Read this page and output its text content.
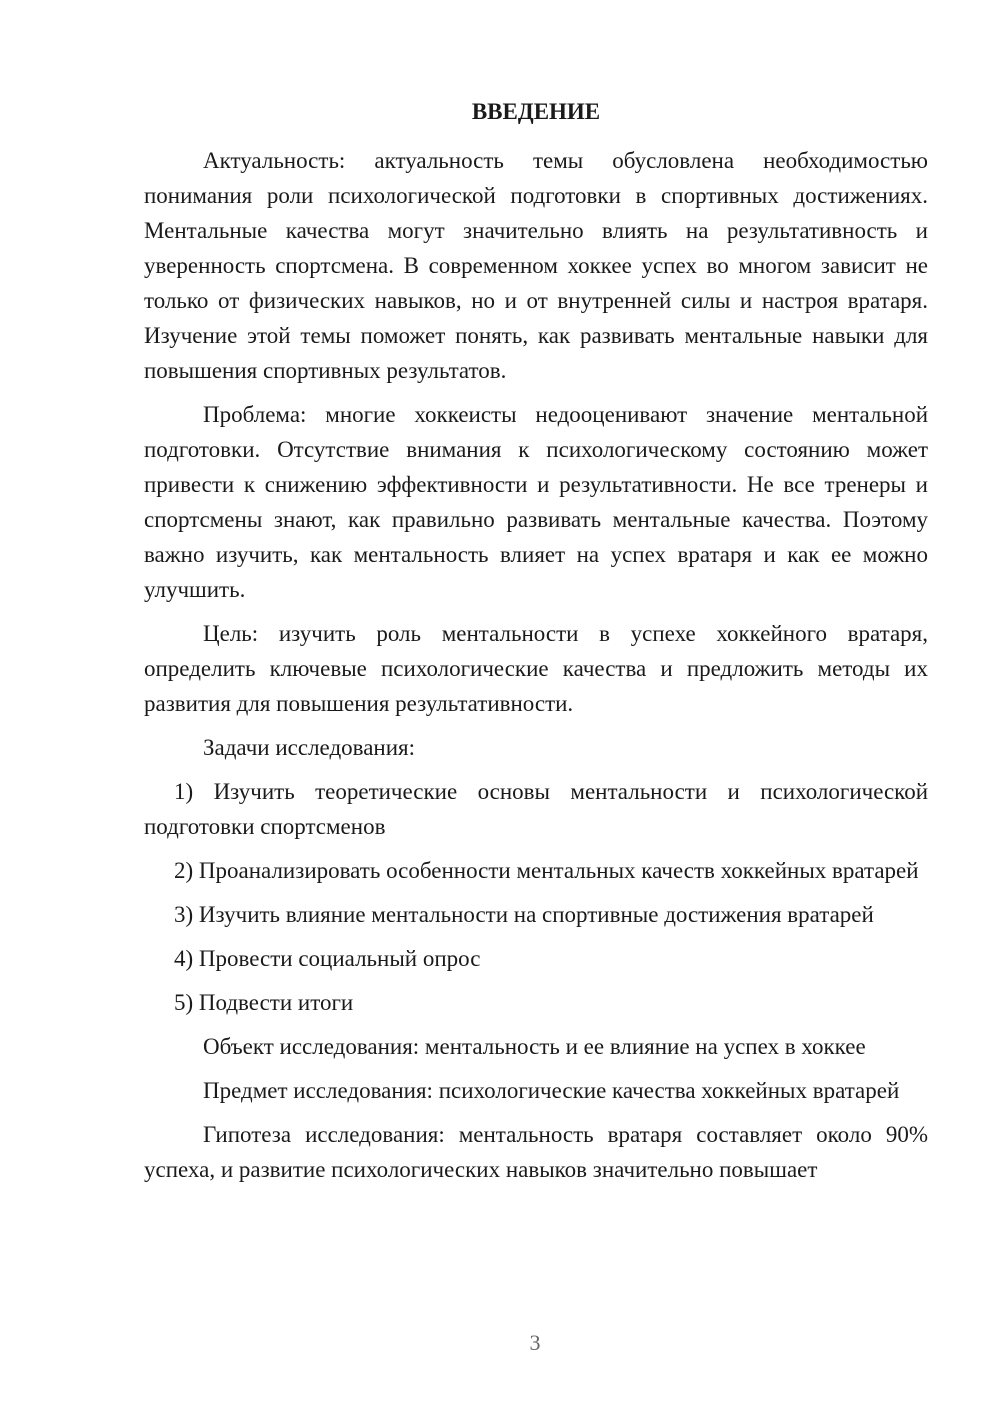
ВВЕДЕНИЕ

Актуальность: актуальность темы обусловлена необходимостью понимания роли психологической подготовки в спортивных достижениях. Ментальные качества могут значительно влиять на результативность и уверенность спортсмена. В современном хоккее успех во многом зависит не только от физических навыков, но и от внутренней силы и настроя вратаря. Изучение этой темы поможет понять, как развивать ментальные навыки для повышения спортивных результатов.

Проблема: многие хоккеисты недооценивают значение ментальной подготовки. Отсутствие внимания к психологическому состоянию может привести к снижению эффективности и результативности. Не все тренеры и спортсмены знают, как правильно развивать ментальные качества. Поэтому важно изучить, как ментальность влияет на успех вратаря и как ее можно улучшить.

Цель: изучить роль ментальности в успехе хоккейного вратаря, определить ключевые психологические качества и предложить методы их развития для повышения результативности.

Задачи исследования:

1) Изучить теоретические основы ментальности и психологической подготовки спортсменов

2) Проанализировать особенности ментальных качеств хоккейных вратарей

3) Изучить влияние ментальности на спортивные достижения вратарей

4) Провести социальный опрос

5) Подвести итоги

Объект исследования: ментальность и ее влияние на успех в хоккее

Предмет исследования: психологические качества хоккейных вратарей

Гипотеза исследования: ментальность вратаря составляет около 90% успеха, и развитие психологических навыков значительно повышает

3
